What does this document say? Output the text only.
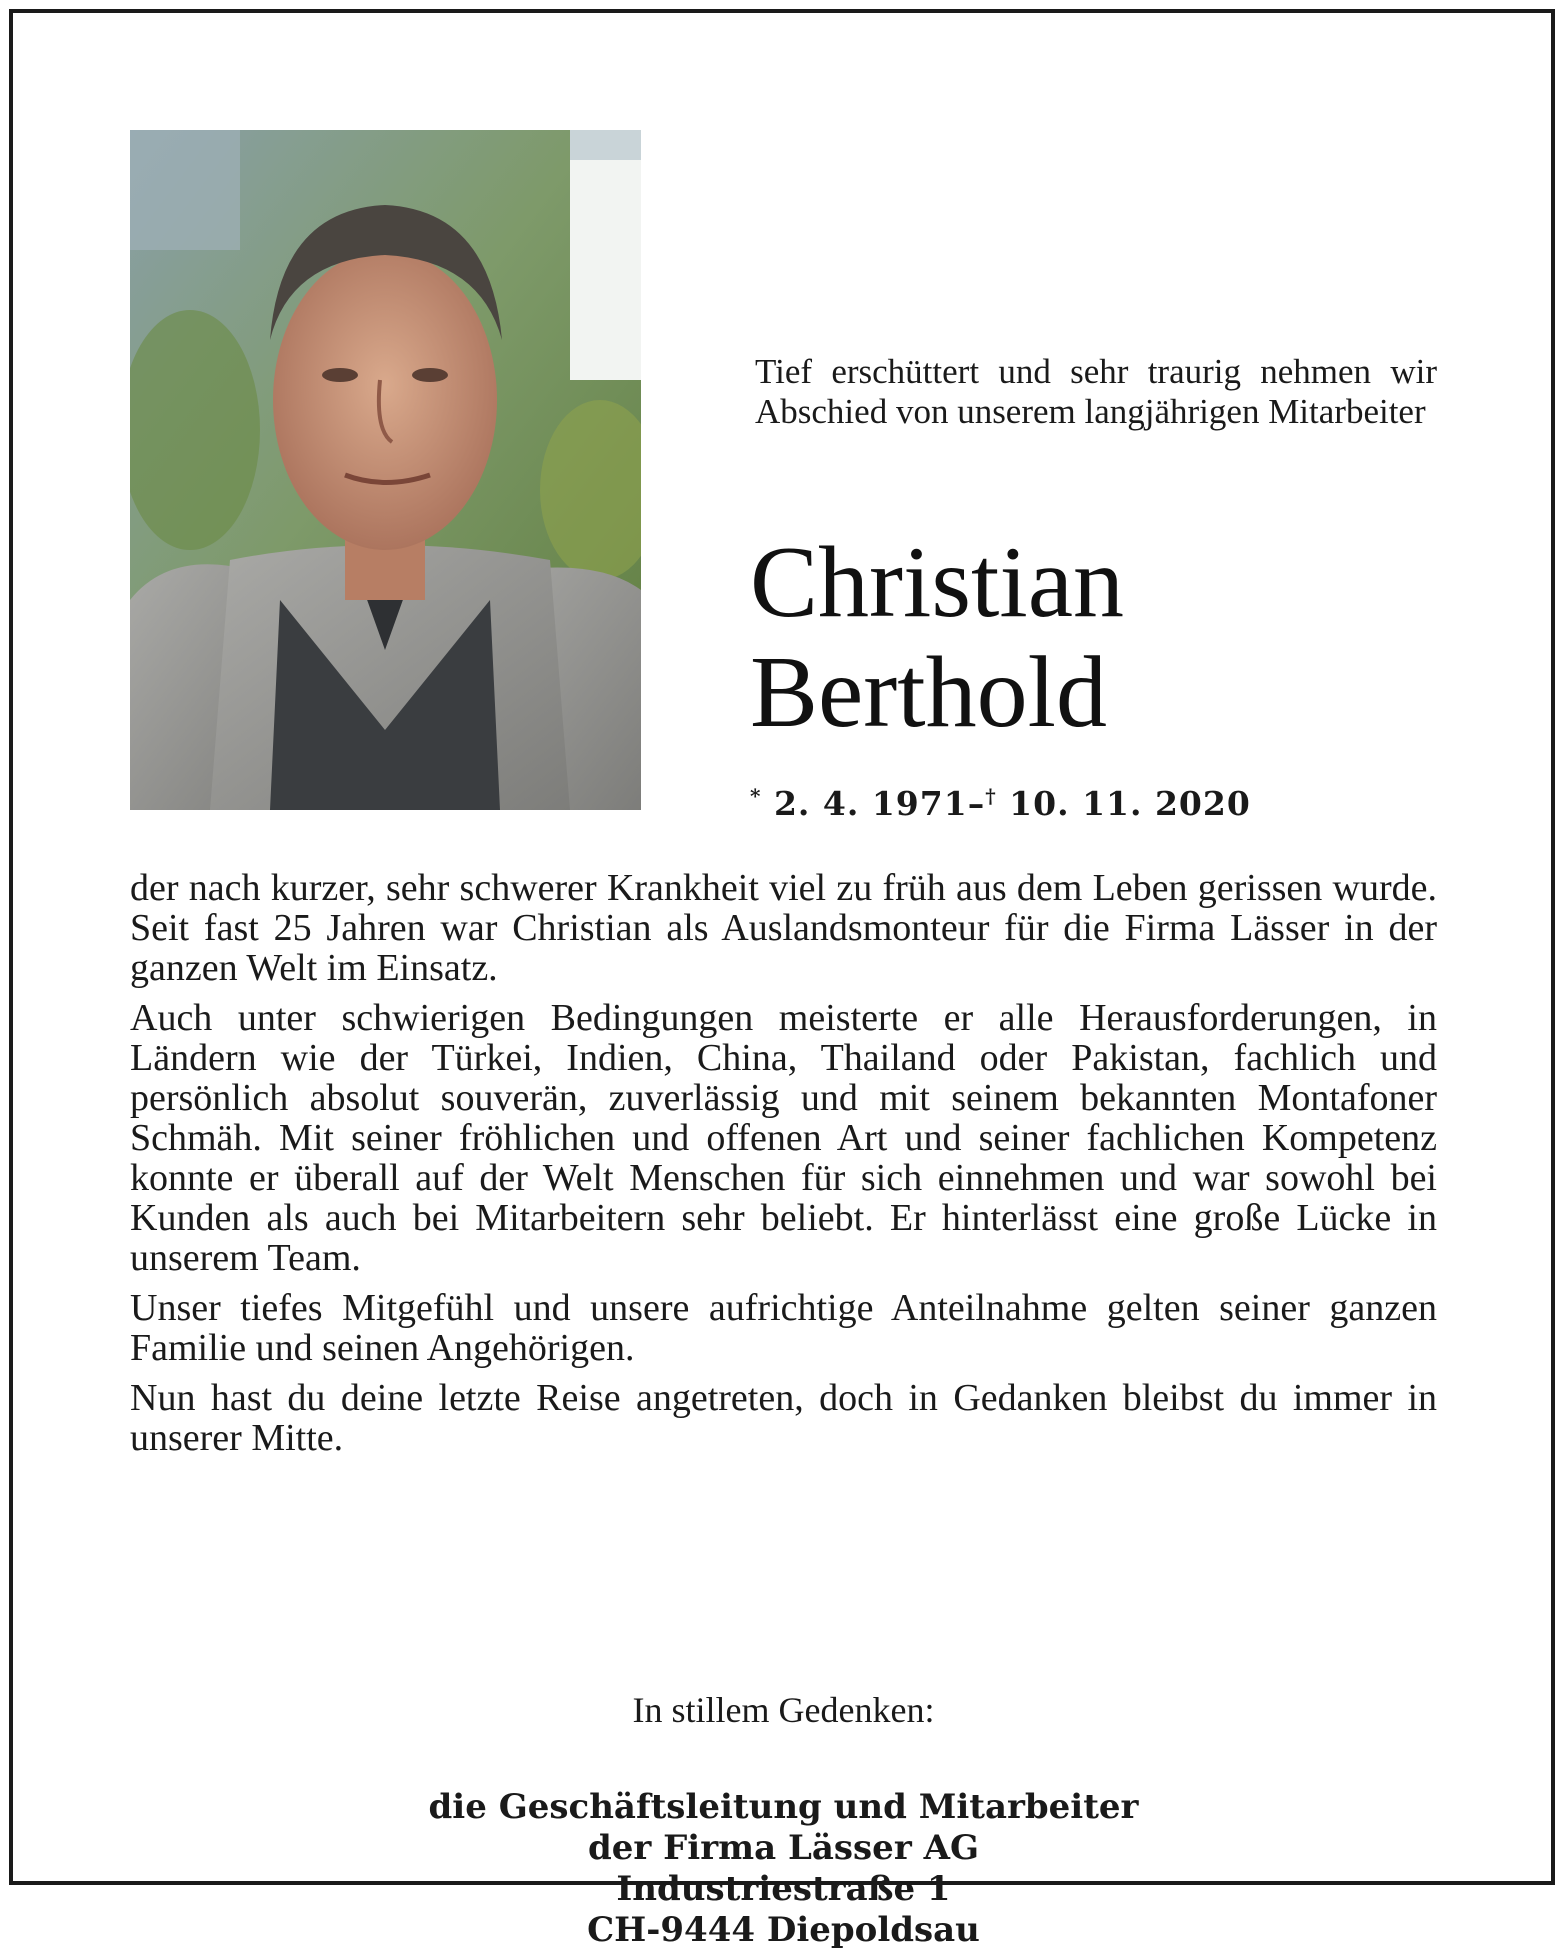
Tief erschüttert und sehr traurig nehmen wir Abschied von unserem langjährigen Mitarbeiter

Christian
Berthold

* 2. 4. 1971–† 10. 11. 2020

der nach kurzer, sehr schwerer Krankheit viel zu früh aus dem Leben gerissen wurde. Seit fast 25 Jahren war Christian als Auslandsmonteur für die Firma Lässer in der ganzen Welt im Einsatz.

Auch unter schwierigen Bedingungen meisterte er alle Herausforderungen, in Ländern wie der Türkei, Indien, China, Thailand oder Pakistan, fachlich und persönlich absolut souverän, zuverlässig und mit seinem bekannten Montafoner Schmäh. Mit seiner fröhlichen und offenen Art und seiner fachlichen Kompetenz konnte er überall auf der Welt Menschen für sich einnehmen und war sowohl bei Kunden als auch bei Mitarbeitern sehr beliebt. Er hinterlässt eine große Lücke in unserem Team.

Unser tiefes Mitgefühl und unsere aufrichtige Anteilnahme gelten seiner ganzen Familie und seinen Angehörigen.

Nun hast du deine letzte Reise angetreten, doch in Gedanken bleibst du immer in unserer Mitte.

In stillem Gedenken:

die Geschäftsleitung und Mitarbeiter
der Firma Lässer AG
Industriestraße 1
CH-9444 Diepoldsau
